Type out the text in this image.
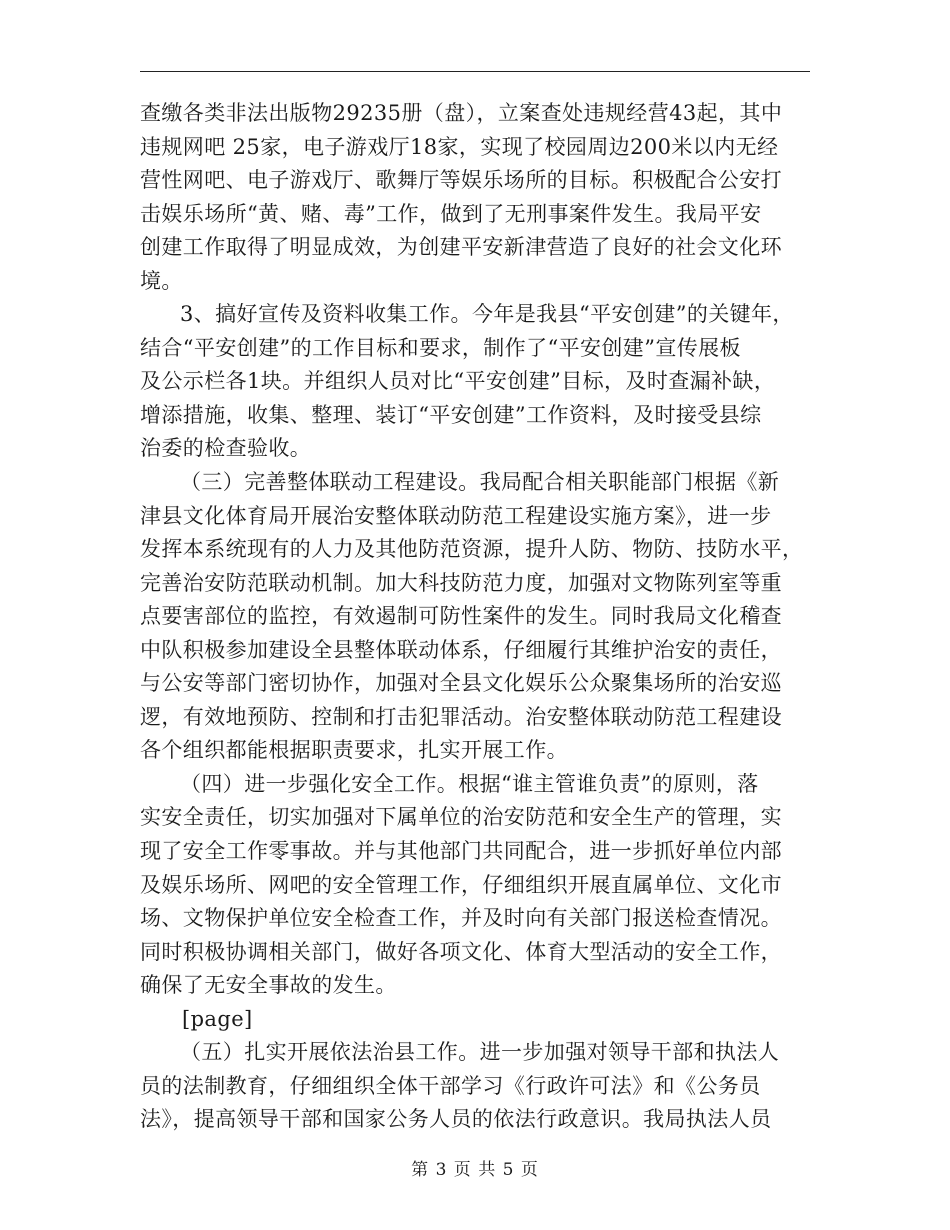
查缴各类非法出版物29235册（盘），立案查处违规经营43起，其中
违规网吧 25家，电子游戏厅18家，实现了校园周边200米以内无经
营性网吧、电子游戏厅、歌舞厅等娱乐场所的目标。积极配合公安打
击娱乐场所“黄、赌、毒”工作，做到了无刑事案件发生。我局平安
创建工作取得了明显成效，为创建平安新津营造了良好的社会文化环
境。
3、搞好宣传及资料收集工作。今年是我县“平安创建”的关键年，
结合“平安创建”的工作目标和要求，制作了“平安创建”宣传展板
及公示栏各1块。并组织人员对比“平安创建”目标，及时查漏补缺，
增添措施，收集、整理、装订“平安创建”工作资料，及时接受县综
治委的检查验收。
（三）完善整体联动工程建设。我局配合相关职能部门根据《新
津县文化体育局开展治安整体联动防范工程建设实施方案》，进一步
发挥本系统现有的人力及其他防范资源，提升人防、物防、技防水平，
完善治安防范联动机制。加大科技防范力度，加强对文物陈列室等重
点要害部位的监控，有效遏制可防性案件的发生。同时我局文化稽查
中队积极参加建设全县整体联动体系，仔细履行其维护治安的责任，
与公安等部门密切协作，加强对全县文化娱乐公众聚集场所的治安巡
逻，有效地预防、控制和打击犯罪活动。治安整体联动防范工程建设
各个组织都能根据职责要求，扎实开展工作。
（四）进一步强化安全工作。根据“谁主管谁负责”的原则，落
实安全责任，切实加强对下属单位的治安防范和安全生产的管理，实
现了安全工作零事故。并与其他部门共同配合，进一步抓好单位内部
及娱乐场所、网吧的安全管理工作，仔细组织开展直属单位、文化市
场、文物保护单位安全检查工作，并及时向有关部门报送检查情况。
同时积极协调相关部门，做好各项文化、体育大型活动的安全工作，
确保了无安全事故的发生。
[page]
（五）扎实开展依法治县工作。进一步加强对领导干部和执法人
员的法制教育，仔细组织全体干部学习《行政许可法》和《公务员
法》，提高领导干部和国家公务人员的依法行政意识。我局执法人员
第 3 页 共 5 页
